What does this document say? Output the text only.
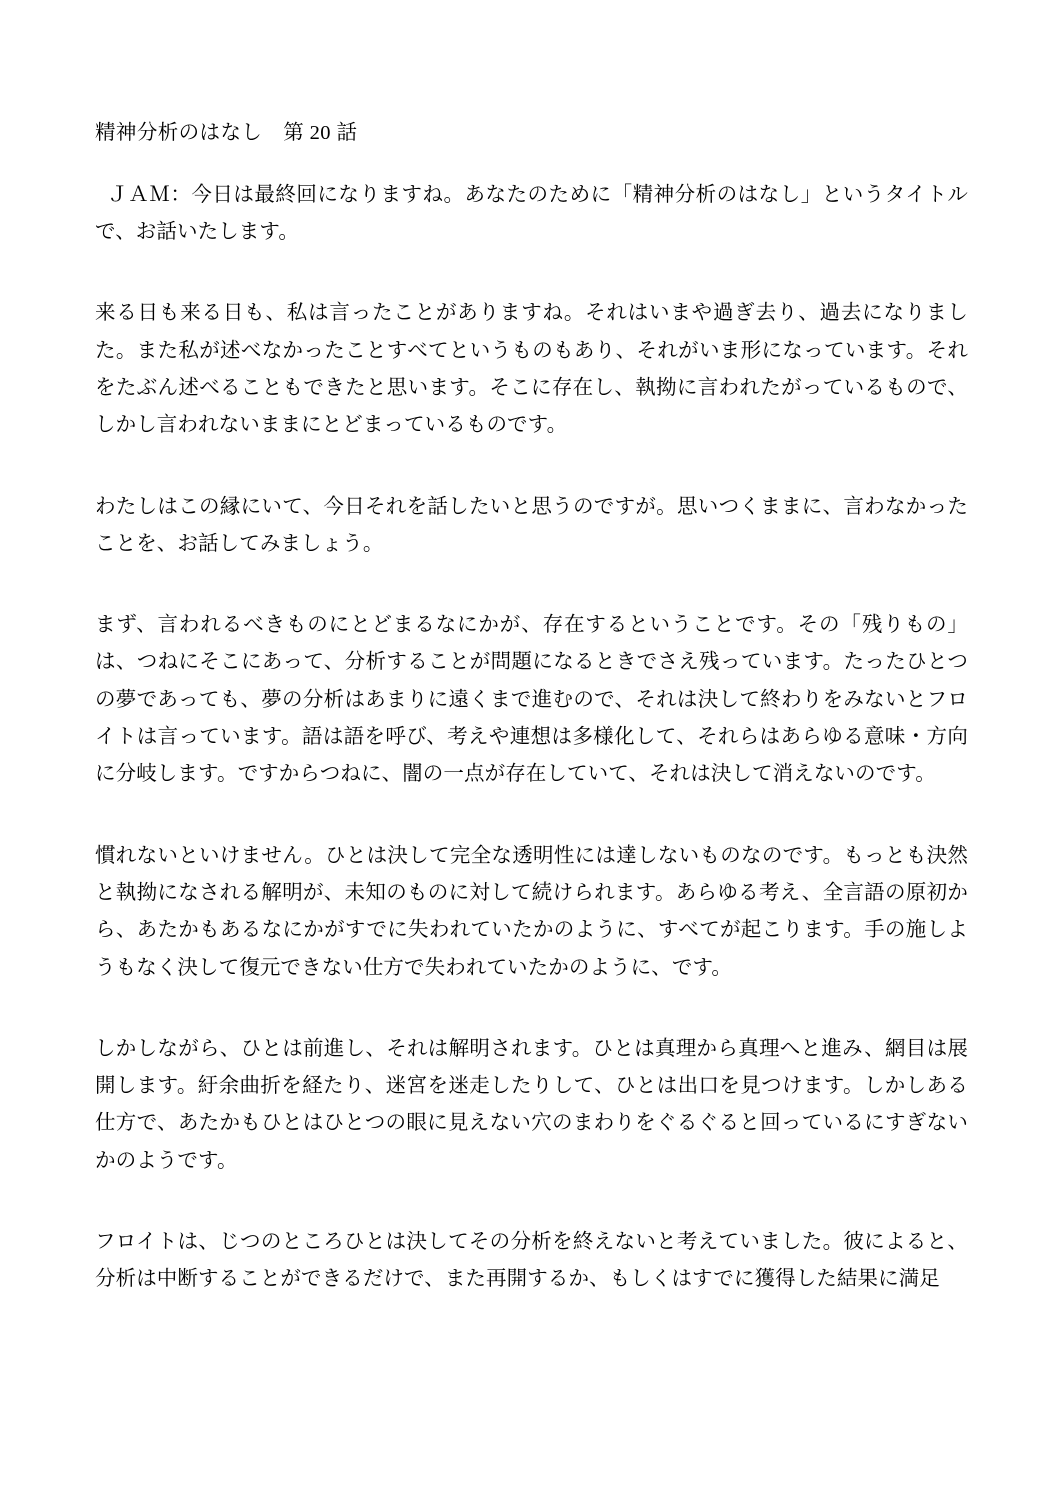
精神分析のはなし　第 20 話

ＪＡＭ：今日は最終回になりますね。あなたのために「精神分析のはなし」というタイトルで、お話いたします。

来る日も来る日も、私は言ったことがありますね。それはいまや過ぎ去り、過去になりました。また私が述べなかったことすべてというものもあり、それがいま形になっています。それをたぶん述べることもできたと思います。そこに存在し、執拗に言われたがっているもので、しかし言われないままにとどまっているものです。

わたしはこの縁にいて、今日それを話したいと思うのですが。思いつくままに、言わなかったことを、お話してみましょう。

まず、言われるべきものにとどまるなにかが、存在するということです。その「残りもの」は、つねにそこにあって、分析することが問題になるときでさえ残っています。たったひとつの夢であっても、夢の分析はあまりに遠くまで進むので、それは決して終わりをみないとフロイトは言っています。語は語を呼び、考えや連想は多様化して、それらはあらゆる意味・方向に分岐します。ですからつねに、闇の一点が存在していて、それは決して消えないのです。

慣れないといけません。ひとは決して完全な透明性には達しないものなのです。もっとも決然と執拗になされる解明が、未知のものに対して続けられます。あらゆる考え、全言語の原初から、あたかもあるなにかがすでに失われていたかのように、すべてが起こります。手の施しようもなく決して復元できない仕方で失われていたかのように、です。

しかしながら、ひとは前進し、それは解明されます。ひとは真理から真理へと進み、網目は展開します。紆余曲折を経たり、迷宮を迷走したりして、ひとは出口を見つけます。しかしある仕方で、あたかもひとはひとつの眼に見えない穴のまわりをぐるぐると回っているにすぎないかのようです。

フロイトは、じつのところひとは決してその分析を終えないと考えていました。彼によると、分析は中断することができるだけで、また再開するか、もしくはすでに獲得した結果に満足
